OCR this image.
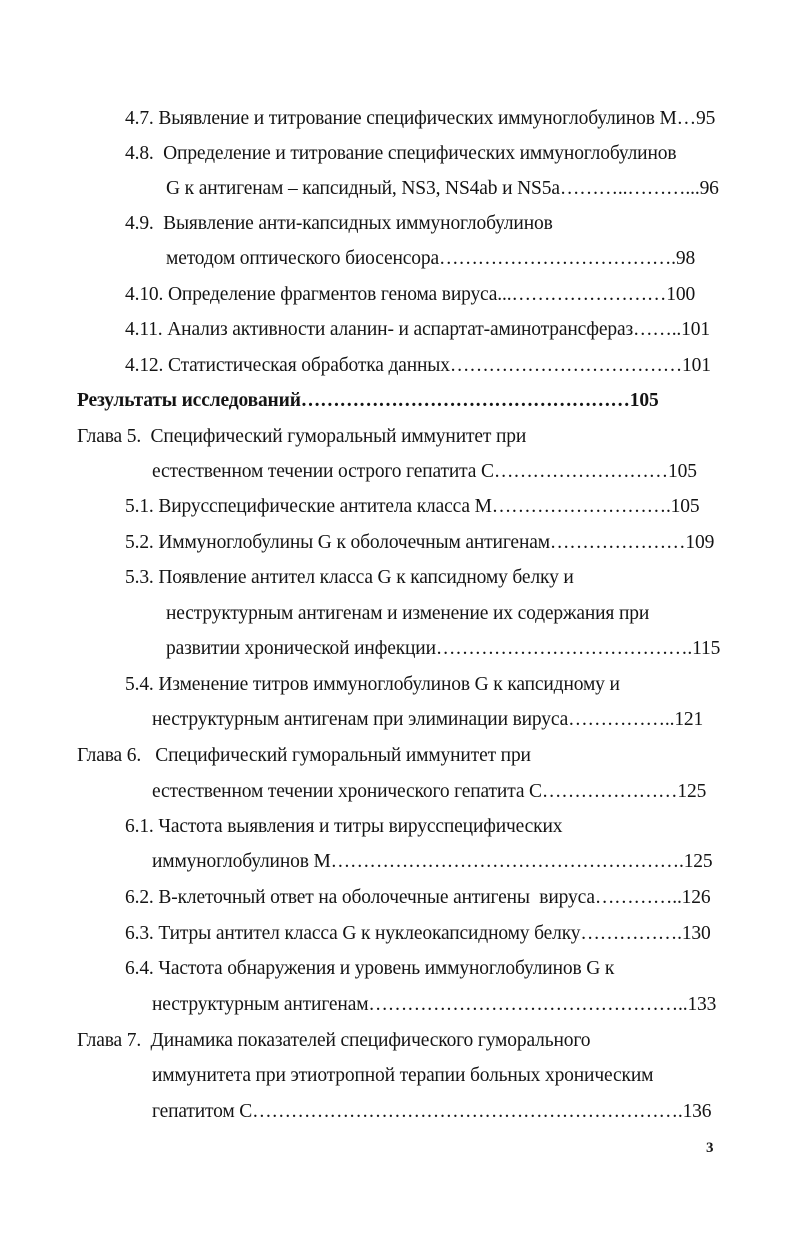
4.7. Выявление и титрование специфических иммуноглобулинов М…95

4.8.  Определение и титрование специфических иммуноглобулинов

G к антигенам – капсидный, NS3, NS4ab и NS5a………..………...96

4.9.  Выявление анти-капсидных иммуноглобулинов

методом оптического биосенсора……………………………….98

4.10. Определение фрагментов генома вируса...……………………100

4.11. Анализ активности аланин- и аспартат-аминотрансфераз……..101

4.12. Статистическая обработка данных………………………………101

Результаты исследований……………………………………………105

Глава 5.  Специфический гуморальный иммунитет при

естественном течении острого гепатита С………………………105

5.1. Вирусспецифические антитела класса М……………………….105

5.2. Иммуноглобулины G к оболочечным антигенам…………………109

5.3. Появление антител класса G к капсидному белку и

неструктурным антигенам и изменение их содержания при

развитии хронической инфекции………………………………….115

5.4. Изменение титров иммуноглобулинов G к капсидному и

неструктурным антигенам при элиминации вируса……………..121

Глава 6.   Специфический гуморальный иммунитет при

естественном течении хронического гепатита С…………………125

6.1. Частота выявления и титры вирусспецифических

иммуноглобулинов М……………………………………………….125

6.2. В-клеточный ответ на оболочечные антигены  вируса…………..126

6.3. Титры антител класса G к нуклеокапсидному белку…………….130

6.4. Частота обнаружения и уровень иммуноглобулинов G к

неструктурным антигенам…………………………………………..133

Глава 7.  Динамика показателей специфического гуморального

иммунитета при этиотропной терапии больных хроническим

гепатитом С………………………………………………………….136

3
